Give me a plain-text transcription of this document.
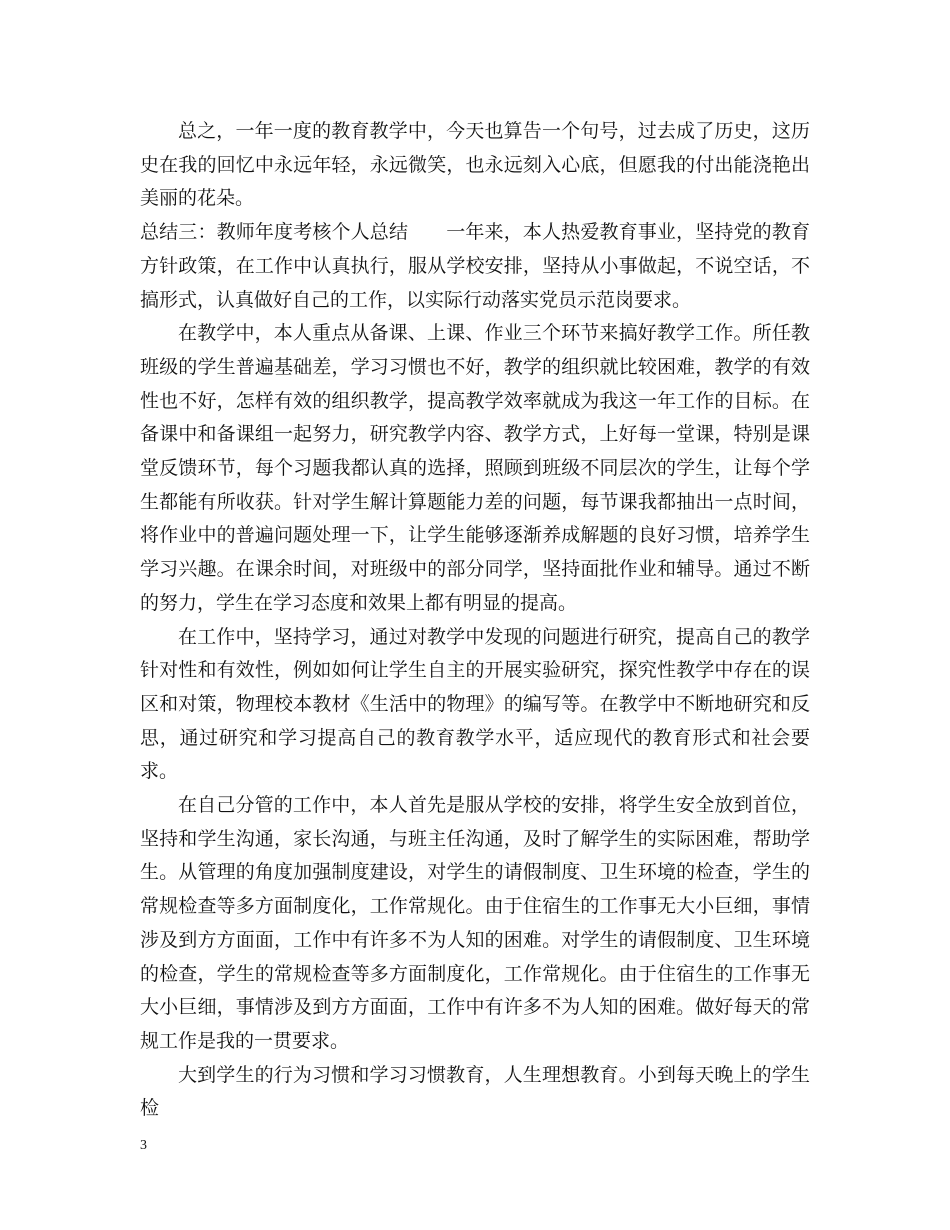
总之，一年一度的教育教学中，今天也算告一个句号，过去成了历史，这历史在我的回忆中永远年轻，永远微笑，也永远刻入心底，但愿我的付出能浇艳出美丽的花朵。

总结三：教师年度考核个人总结 一年来，本人热爱教育事业，坚持党的教育方针政策，在工作中认真执行，服从学校安排，坚持从小事做起，不说空话，不搞形式，认真做好自己的工作，以实际行动落实党员示范岗要求。

在教学中，本人重点从备课、上课、作业三个环节来搞好教学工作。所任教班级的学生普遍基础差，学习习惯也不好，教学的组织就比较困难，教学的有效性也不好，怎样有效的组织教学，提高教学效率就成为我这一年工作的目标。在备课中和备课组一起努力，研究教学内容、教学方式，上好每一堂课，特别是课堂反馈环节，每个习题我都认真的选择，照顾到班级不同层次的学生，让每个学生都能有所收获。针对学生解计算题能力差的问题，每节课我都抽出一点时间，将作业中的普遍问题处理一下，让学生能够逐渐养成解题的良好习惯，培养学生学习兴趣。在课余时间，对班级中的部分同学，坚持面批作业和辅导。通过不断的努力，学生在学习态度和效果上都有明显的提高。

在工作中，坚持学习，通过对教学中发现的问题进行研究，提高自己的教学针对性和有效性，例如如何让学生自主的开展实验研究，探究性教学中存在的误区和对策，物理校本教材《生活中的物理》的编写等。在教学中不断地研究和反思，通过研究和学习提高自己的教育教学水平，适应现代的教育形式和社会要求。

在自己分管的工作中，本人首先是服从学校的安排，将学生安全放到首位，坚持和学生沟通，家长沟通，与班主任沟通，及时了解学生的实际困难，帮助学生。从管理的角度加强制度建设，对学生的请假制度、卫生环境的检查，学生的常规检查等多方面制度化，工作常规化。由于住宿生的工作事无大小巨细，事情涉及到方方面面，工作中有许多不为人知的困难。对学生的请假制度、卫生环境的检查，学生的常规检查等多方面制度化，工作常规化。由于住宿生的工作事无大小巨细，事情涉及到方方面面，工作中有许多不为人知的困难。做好每天的常规工作是我的一贯要求。

大到学生的行为习惯和学习习惯教育，人生理想教育。小到每天晚上的学生检

3
